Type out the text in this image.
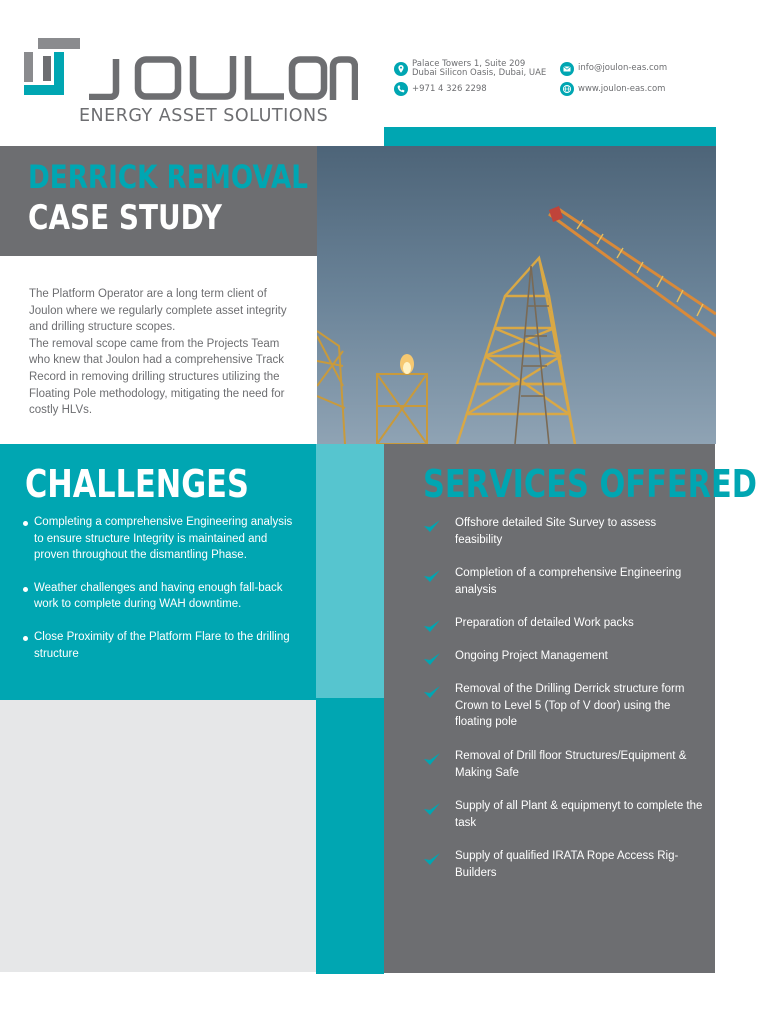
ENERGY ASSET SOLUTIONS
Palace Towers 1, Suite 209
Dubai Silicon Oasis, Dubai, UAE
+971 4 326 2298
info@joulon-eas.com
www.joulon-eas.com
DERRICK REMOVAL
CASE STUDY

The Platform Operator are a long term client of Joulon where we regularly complete asset integrity and drilling structure scopes.

The removal scope came from the Projects Team who knew that Joulon had a comprehensive Track Record in removing drilling structures utilizing the Floating Pole methodology, mitigating the need for costly HLVs.

CHALLENGES
Completing a comprehensive Engineering analysis to ensure structure Integrity is maintained and proven throughout the dismantling Phase.
Weather challenges and having enough fall-back work to complete during WAH downtime.
Close Proximity of the Platform Flare to the drilling structure
SERVICES OFFERED
Offshore detailed Site Survey to assess feasibility
Completion of a comprehensive Engineering analysis
Preparation of detailed Work packs
Ongoing Project Management
Removal of the Drilling Derrick structure form Crown to Level 5 (Top of V door) using the floating pole
Removal of Drill floor Structures/Equipment & Making Safe
Supply of all Plant & equipmenyt to complete the task
Supply of qualified IRATA Rope Access Rig-Builders
